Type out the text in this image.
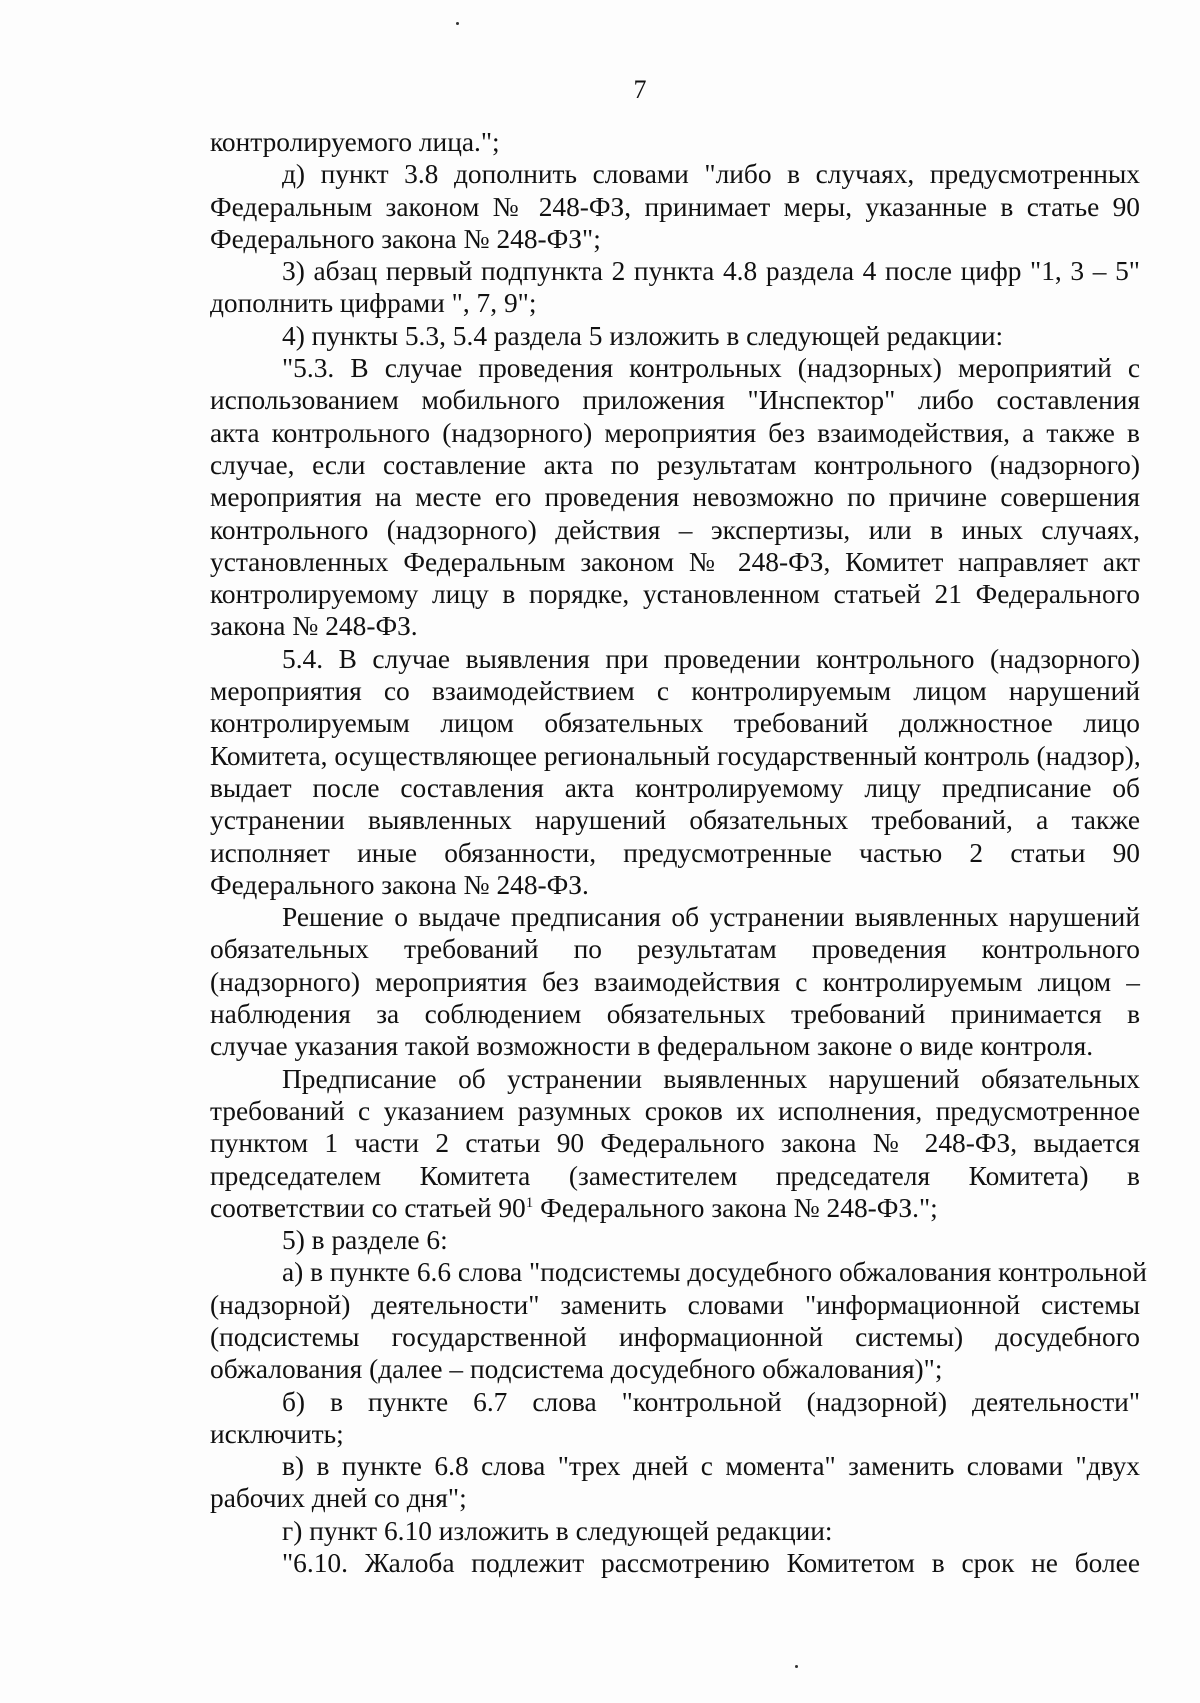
7
контролируемого лица.";
д) пункт 3.8 дополнить словами "либо в случаях, предусмотренных
Федеральным законом № 248-ФЗ, принимает меры, указанные в статье 90
Федерального закона № 248-ФЗ";
3) абзац первый подпункта 2 пункта 4.8 раздела 4 после цифр "1, 3 – 5"
дополнить цифрами ", 7, 9";
4) пункты 5.3, 5.4 раздела 5 изложить в следующей редакции:
"5.3. В случае проведения контрольных (надзорных) мероприятий с
использованием мобильного приложения "Инспектор" либо составления
акта контрольного (надзорного) мероприятия без взаимодействия, а также в
случае, если составление акта по результатам контрольного (надзорного)
мероприятия на месте его проведения невозможно по причине совершения
контрольного (надзорного) действия – экспертизы, или в иных случаях,
установленных Федеральным законом № 248-ФЗ, Комитет направляет акт
контролируемому лицу в порядке, установленном статьей 21 Федерального
закона № 248-ФЗ.
5.4. В случае выявления при проведении контрольного (надзорного)
мероприятия со взаимодействием с контролируемым лицом нарушений
контролируемым лицом обязательных требований должностное лицо
Комитета, осуществляющее региональный государственный контроль (надзор),
выдает после составления акта контролируемому лицу предписание об
устранении выявленных нарушений обязательных требований, а также
исполняет иные обязанности, предусмотренные частью 2 статьи 90
Федерального закона № 248-ФЗ.
Решение о выдаче предписания об устранении выявленных нарушений
обязательных требований по результатам проведения контрольного
(надзорного) мероприятия без взаимодействия с контролируемым лицом –
наблюдения за соблюдением обязательных требований принимается в
случае указания такой возможности в федеральном законе о виде контроля.
Предписание об устранении выявленных нарушений обязательных
требований с указанием разумных сроков их исполнения, предусмотренное
пунктом 1 части 2 статьи 90 Федерального закона № 248-ФЗ, выдается
председателем Комитета (заместителем председателя Комитета) в
соответствии со статьей $90^1$ Федерального закона № 248-ФЗ.";
5) в разделе 6:
а) в пункте 6.6 слова "подсистемы досудебного обжалования контрольной
(надзорной) деятельности" заменить словами "информационной системы
(подсистемы государственной информационной системы) досудебного
обжалования (далее – подсистема досудебного обжалования)";
б) в пункте 6.7 слова "контрольной (надзорной) деятельности"
исключить;
в) в пункте 6.8 слова "трех дней с момента" заменить словами "двух
рабочих дней со дня";
г) пункт 6.10 изложить в следующей редакции:
"6.10. Жалоба подлежит рассмотрению Комитетом в срок не более
